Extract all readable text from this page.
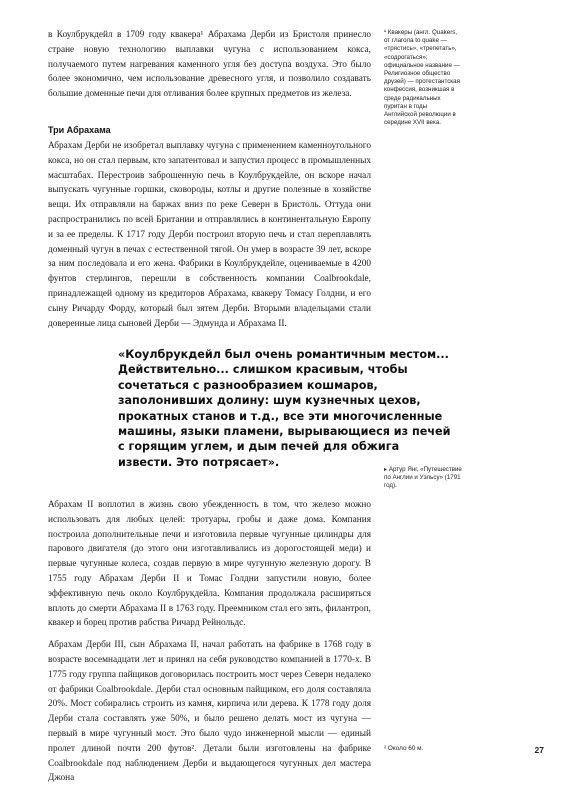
в Коулбрукдейл в 1709 году квакера¹ Абрахама Дерби из Бристоля принесло стране новую технологию выплавки чугуна с использованием кокса, получаемого путем нагревания каменного угля без доступа воздуха. Это было более экономично, чем использование древесного угля, и позволило создавать большие доменные печи для отливания более крупных предметов из железа.

¹ Квакеры (англ. Quakers, от глагола to quake — «трястись», «трепетать», «содрогаться»; официальное название — Религиозное общество друзей) — протестантская конфессия, возникшая в среде радикальных пуритан в годы Английской революции в середине XVII века.
Три Абрахама

Абрахам Дерби не изобретал выплавку чугуна с применением каменноугольного кокса, но он стал первым, кто запатентовал и запустил процесс в промышленных масштабах. Перестроив заброшенную печь в Коулбрукдейле, он вскоре начал выпускать чугунные горшки, сковороды, котлы и другие полезные в хозяйстве вещи. Их отправляли на баржах вниз по реке Северн в Бристоль. Оттуда они распространились по всей Британии и отправлялись в континентальную Европу и за ее пределы. К 1717 году Дерби построил вторую печь и стал переплавлять доменный чугун в печах с естественной тягой. Он умер в возрасте 39 лет, вскоре за ним последовала и его жена. Фабрики в Коулбрукдейле, оцениваемые в 4200 фунтов стерлингов, перешли в собственность компании Coalbrookdale, принадлежащей одному из кредиторов Абрахама, квакеру Томасу Голдни, и его сыну Ричарду Форду, который был зятем Дерби. Вторыми владельцами стали доверенные лица сыновей Дерби — Эдмунда и Абрахама II.

«Коулбрукдейл был очень романтичным местом... Действительно... слишком красивым, чтобы сочетаться с разнообразием кошмаров, заполонивших долину: шум кузнечных цехов, прокатных станов и т.д., все эти многочисленные машины, языки пламени, вырывающиеся из печей с горящим углем, и дым печей для обжига извести. Это потрясает».

▸ Артур Янг, «Путешествие по Англии и Уэльсу» (1791 год).

Абрахам II воплотил в жизнь свою убежденность в том, что железо можно использовать для любых целей: тротуары, гробы и даже дома. Компания построила дополнительные печи и изготовила первые чугунные цилиндры для парового двигателя (до этого они изготавливались из дорогостоящей меди) и первые чугунные колеса, создав первую в мире чугунную железную дорогу. В 1755 году Абрахам Дерби II и Томас Голдни запустили новую, более эффективную печь около Коулбрукдейла. Компания продолжала расширяться вплоть до смерти Абрахама II в 1763 году. Преемником стал его зять, филантроп, квакер и борец против рабства Ричард Рейнольдс.

Абрахам Дерби III, сын Абрахама II, начал работать на фабрике в 1768 году в возрасте восемнадцати лет и принял на себя руководство компанией в 1770-х. В 1775 году группа пайщиков договорилась построить мост через Северн недалеко от фабрики Coalbrookdale. Дерби стал основным пайщиком, его доля составляла 20%. Мост собирались строить из камня, кирпича или дерева. К 1778 году доля Дерби стала составлять уже 50%, и было решено делать мост из чугуна — первый в мире чугунный мост. Это было чудо инженерной мысли — единый пролет длиной почти 200 футов². Детали были изготовлены на фабрике Coalbrookdale под наблюдением Дерби и выдающегося чугунных дел мастера Джона

² Около 60 м.	27
